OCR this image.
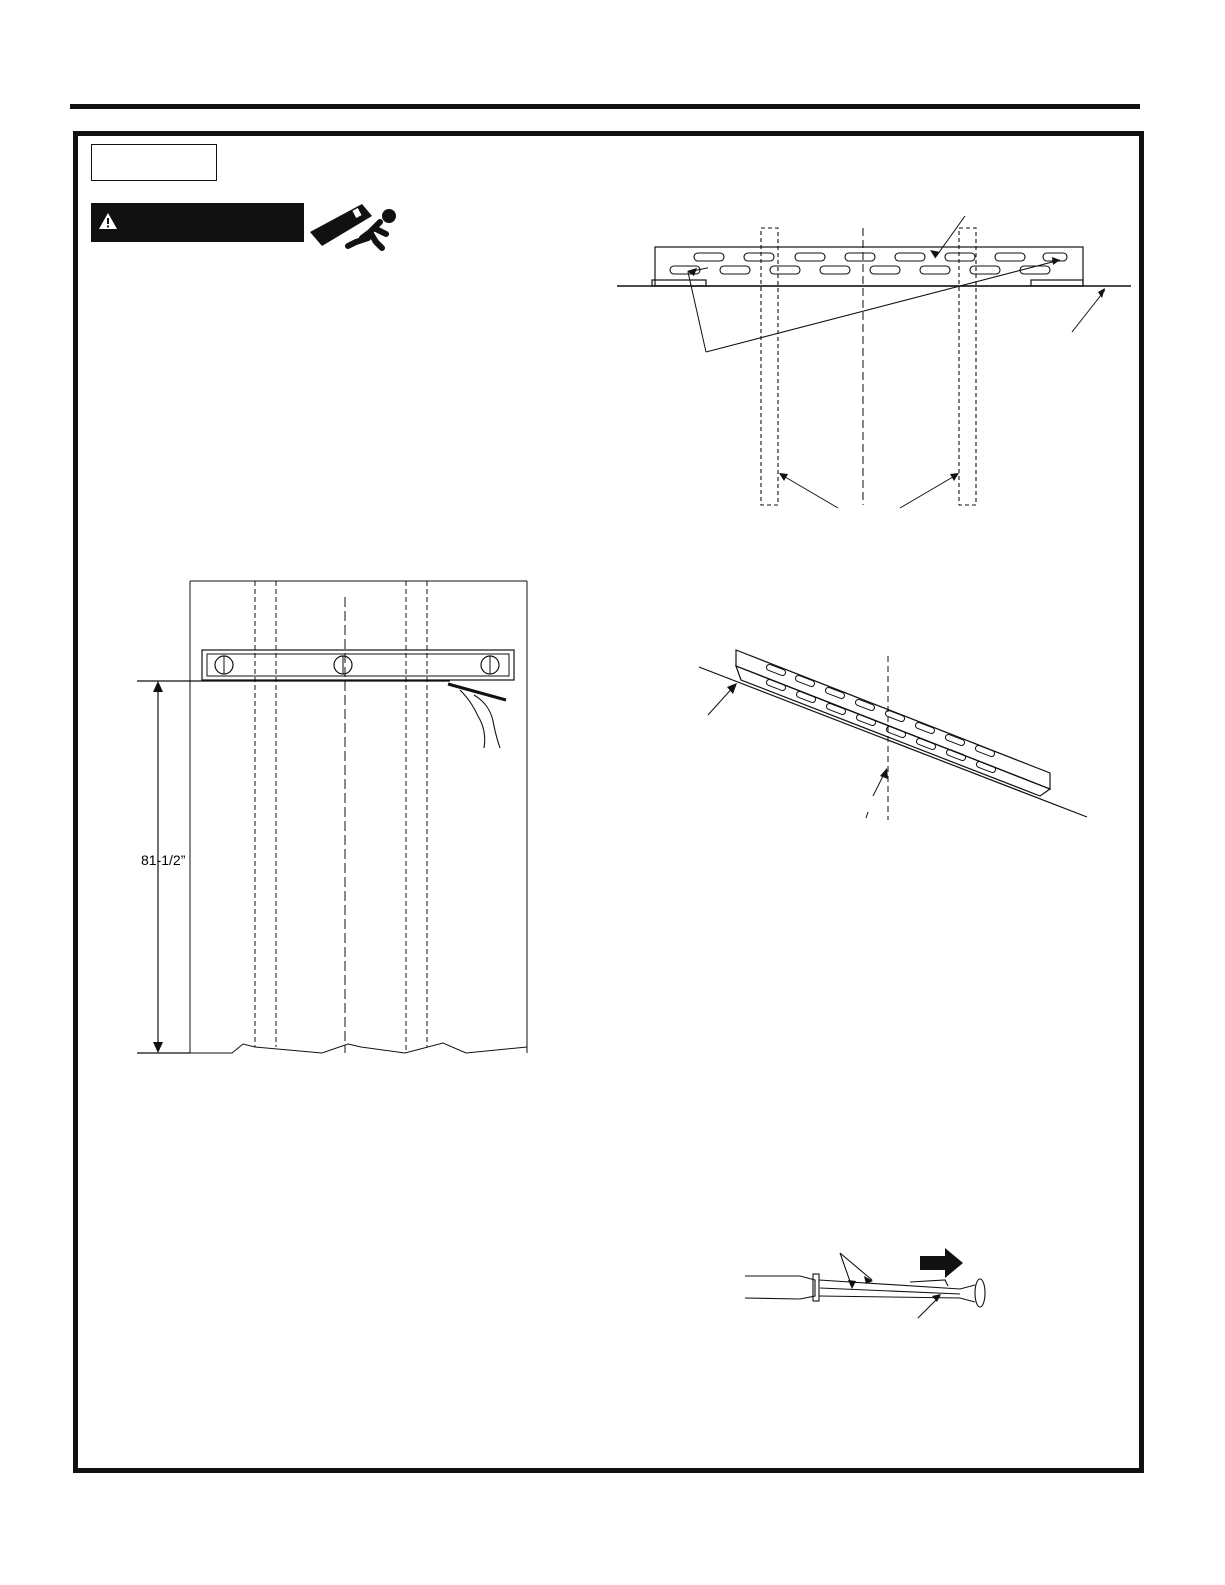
81-1/2”
